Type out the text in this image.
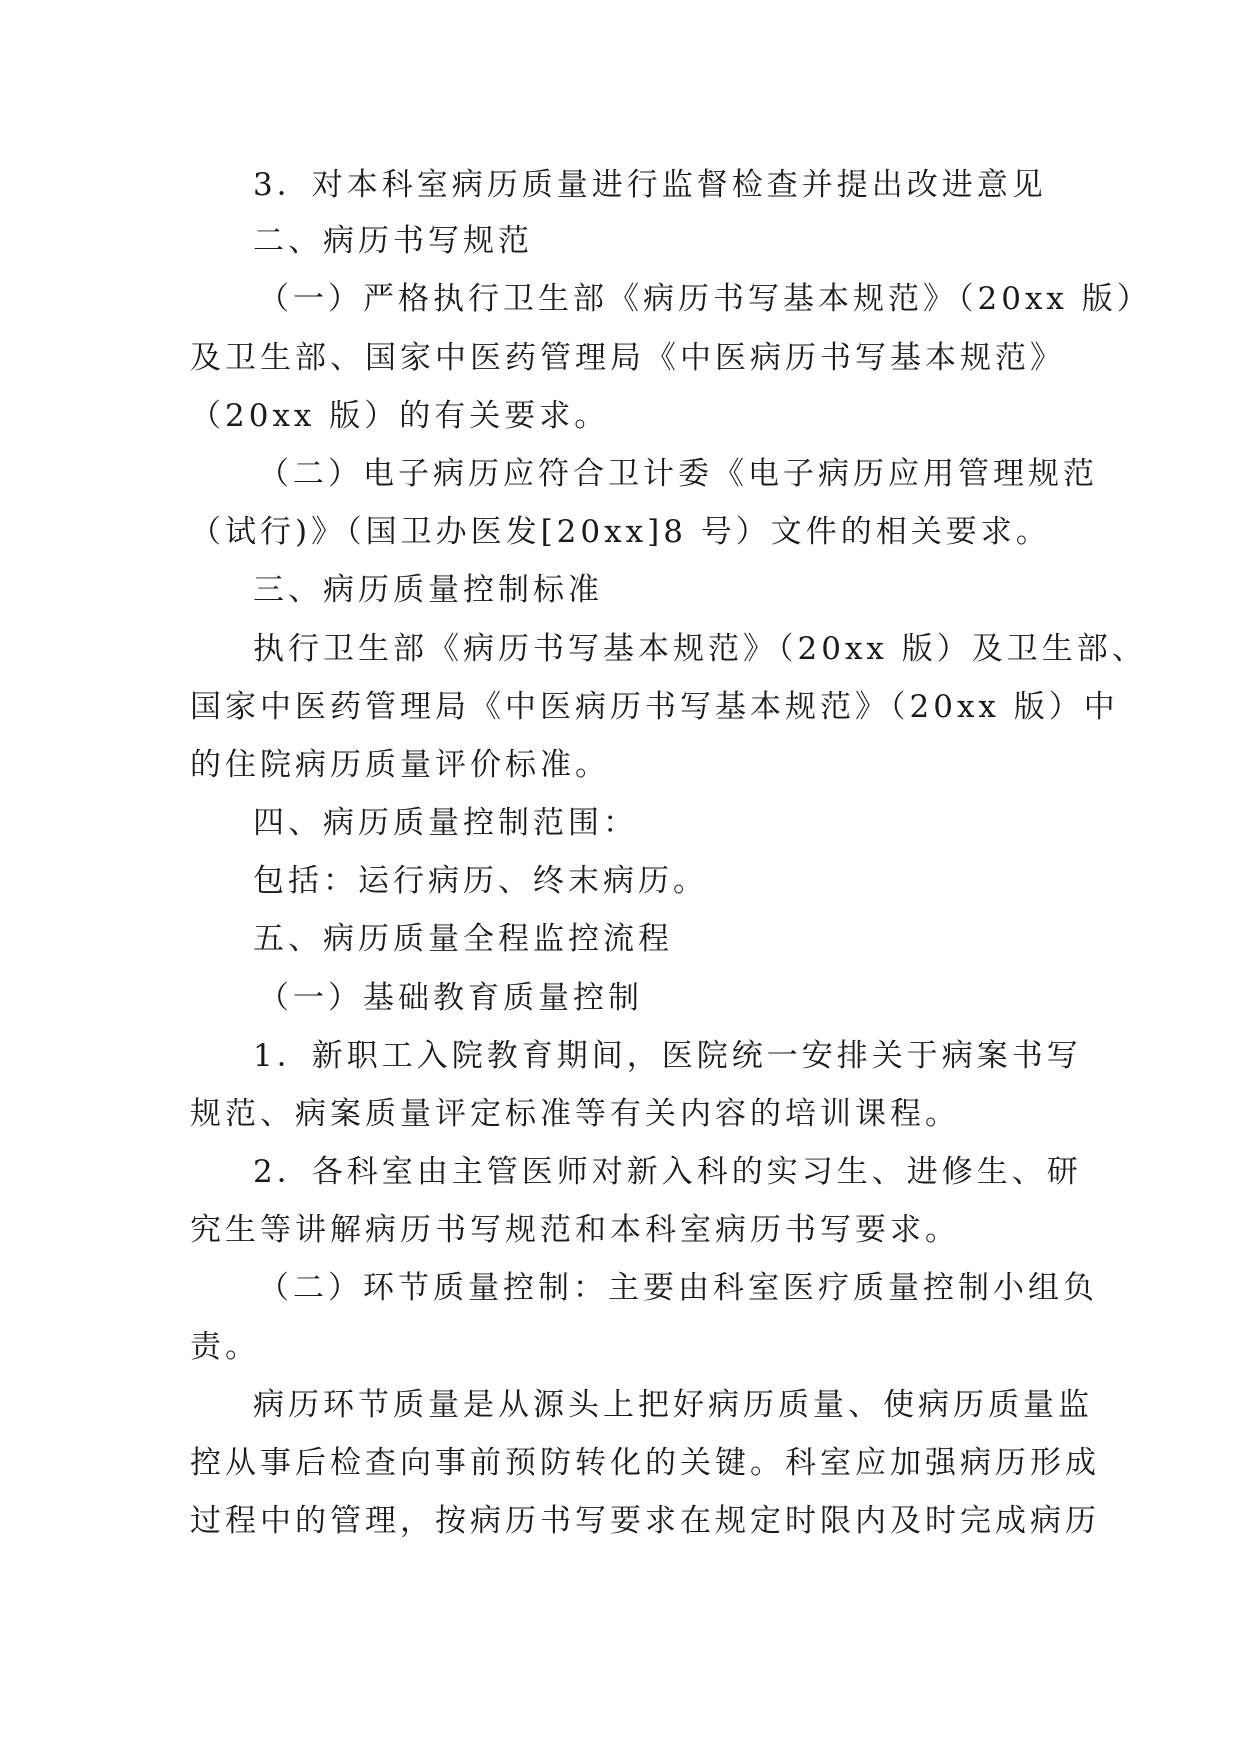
3．对本科室病历质量进行监督检查并提出改进意见
二、病历书写规范
（一）严格执行卫生部《病历书写基本规范》（20xx 版）
及卫生部、国家中医药管理局《中医病历书写基本规范》
（20xx 版）的有关要求。
（二）电子病历应符合卫计委《电子病历应用管理规范
（试行)》（国卫办医发[20xx]8 号）文件的相关要求。
三、病历质量控制标准
执行卫生部《病历书写基本规范》（20xx 版）及卫生部、
国家中医药管理局《中医病历书写基本规范》（20xx 版）中
的住院病历质量评价标准。
四、病历质量控制范围：
包括：运行病历、终末病历。
五、病历质量全程监控流程
（一）基础教育质量控制
1．新职工入院教育期间，医院统一安排关于病案书写
规范、病案质量评定标准等有关内容的培训课程。
2．各科室由主管医师对新入科的实习生、进修生、研
究生等讲解病历书写规范和本科室病历书写要求。
（二）环节质量控制：主要由科室医疗质量控制小组负
责。
病历环节质量是从源头上把好病历质量、使病历质量监
控从事后检查向事前预防转化的关键。科室应加强病历形成
过程中的管理，按病历书写要求在规定时限内及时完成病历
